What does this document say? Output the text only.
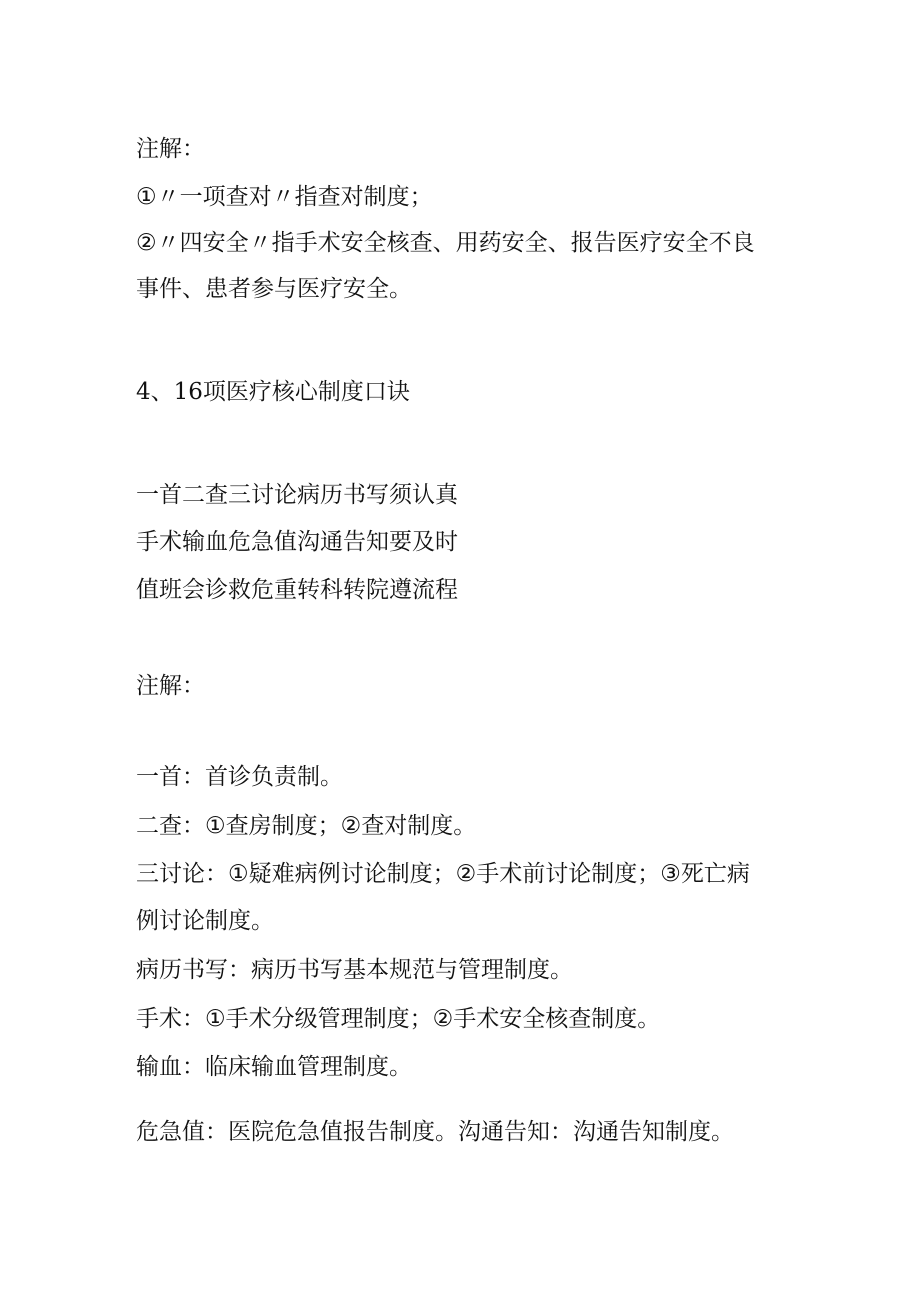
注解：
①〃一项查对〃指查对制度；
②〃四安全〃指手术安全核查、用药安全、报告医疗安全不良
事件、患者参与医疗安全。
4、16项医疗核心制度口诀
一首二查三讨论病历书写须认真
手术输血危急值沟通告知要及时
值班会诊救危重转科转院遵流程
注解：
一首：首诊负责制。
二查：①查房制度；②查对制度。
三讨论：①疑难病例讨论制度；②手术前讨论制度；③死亡病
例讨论制度。
病历书写：病历书写基本规范与管理制度。
手术：①手术分级管理制度；②手术安全核查制度。
输血：临床输血管理制度。
危急值：医院危急值报告制度。沟通告知：沟通告知制度。
